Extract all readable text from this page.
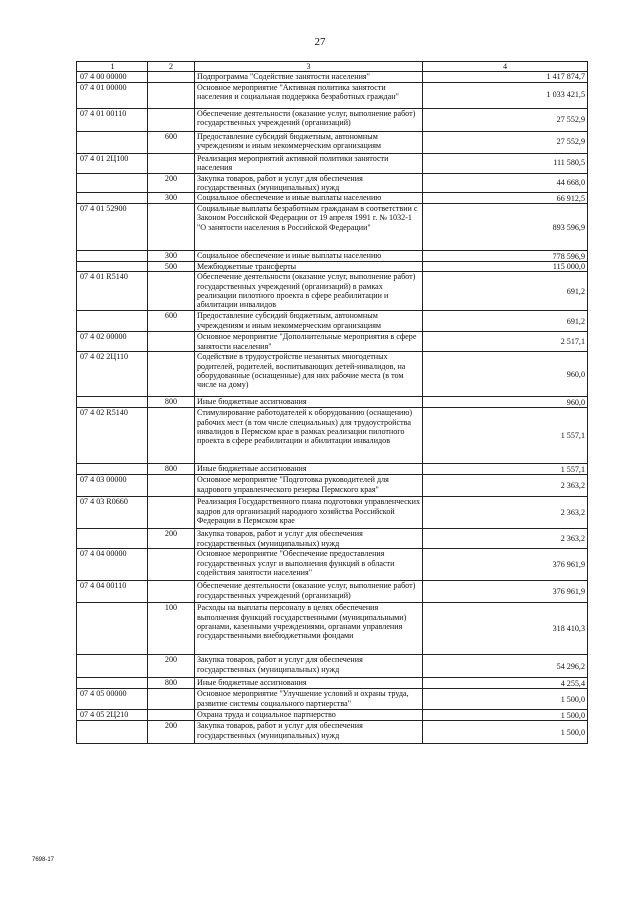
27
1	2	3	4
07 4 00 00000		Подпрограмма "Содействие занятости населения"	1 417 874,7
07 4 01 00000		Основное мероприятие "Активная политика занятости населения и социальная поддержка безработных граждан"	1 033 421,5
07 4 01 00110		Обеспечение деятельности (оказание услуг, выполнение работ) государственных учреждений (организаций)	27 552,9
	600	Предоставление субсидий бюджетным, автономным учреждениям и иным некоммерческим организациям	27 552,9
07 4 01 2Ц100		Реализация мероприятий активной политики занятости населения	111 580,5
	200	Закупка товаров, работ и услуг для обеспечения государственных (муниципальных) нужд	44 668,0
	300	Социальное обеспечение и иные выплаты населению	66 912,5
07 4 01 52900		Социальные выплаты безработным гражданам в соответствии с Законом Российской Федерации от 19 апреля 1991 г. № 1032-1 "О занятости населения в Российской Федерации"	893 596,9
	300	Социальное обеспечение и иные выплаты населению	778 596,9
	500	Межбюджетные трансферты	115 000,0
07 4 01 R5140		Обеспечение деятельности (оказание услуг, выполнение работ) государственных учреждений (организаций) в рамках реализации пилотного проекта в сфере реабилитации и абилитации инвалидов	691,2
	600	Предоставление субсидий бюджетным, автономным учреждениям и иным некоммерческим организациям	691,2
07 4 02 00000		Основное мероприятие "Дополнительные мероприятия в сфере занятости населения"	2 517,1
07 4 02 2Ц110		Содействие в трудоустройстве незанятых многодетных родителей, родителей, воспитывающих детей-инвалидов, на оборудованные (оснащенные) для них рабочие места (в том числе на дому)	960,0
	800	Иные бюджетные ассигнования	960,0
07 4 02 R5140		Стимулирование работодателей к оборудованию (оснащению) рабочих мест (в том числе специальных) для трудоустройства инвалидов в Пермском крае в рамках реализации пилотного проекта в сфере реабилитации и абилитации инвалидов	1 557,1
	800	Иные бюджетные ассигнования	1 557,1
07 4 03 00000		Основное мероприятие "Подготовка руководителей для кадрового управленческого резерва Пермского края"	2 363,2
07 4 03 R0660		Реализация Государственного плана подготовки управленческих кадров для организаций народного хозяйства Российской Федерации в Пермском крае	2 363,2
	200	Закупка товаров, работ и услуг для обеспечения государственных (муниципальных) нужд	2 363,2
07 4 04 00000		Основное мероприятие "Обеспечение предоставления государственных услуг и выполнения функций в области содействия занятости населения"	376 961,9
07 4 04 00110		Обеспечение деятельности (оказание услуг, выполнение работ) государственных учреждений (организаций)	376 961,9
	100	Расходы на выплаты персоналу в целях обеспечения выполнения функций государственными (муниципальными) органами, казенными учреждениями, органами управления государственными внебюджетными фондами	318 410,3
	200	Закупка товаров, работ и услуг для обеспечения государственных (муниципальных) нужд	54 296,2
	800	Иные бюджетные ассигнования	4 255,4
07 4 05 00000		Основное мероприятие "Улучшение условий и охраны труда, развитие системы социального партнерства"	1 500,0
07 4 05 2Ц210		Охрана труда и социальное партнерство	1 500,0
	200	Закупка товаров, работ и услуг для обеспечения государственных (муниципальных) нужд	1 500,0
7698-17
